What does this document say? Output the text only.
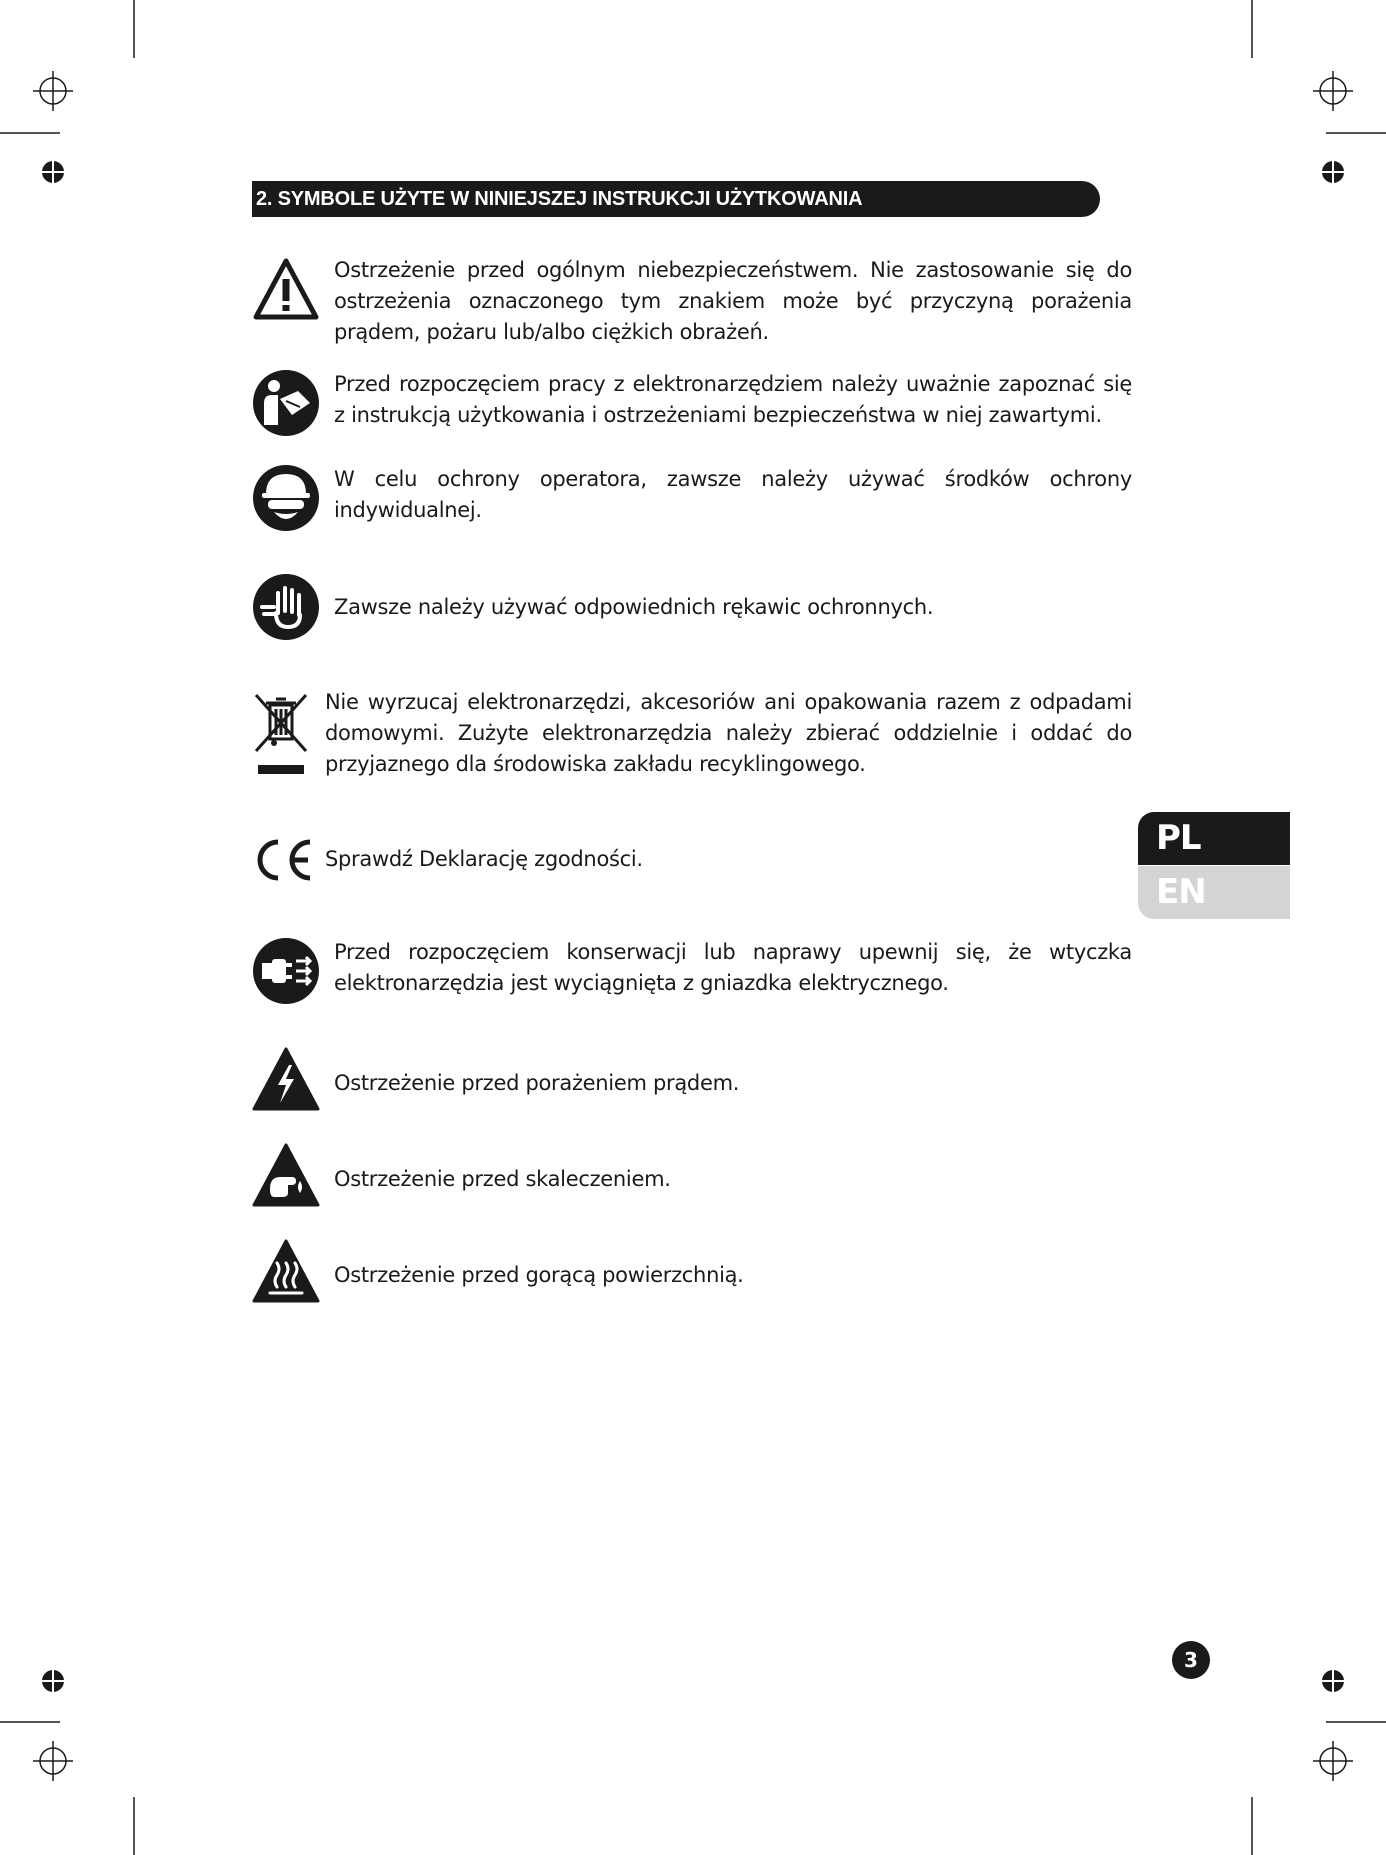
2. SYMBOLE UŻYTE W NINIEJSZEJ INSTRUKCJI UŻYTKOWANIA
Ostrzeżenie przed ogólnym niebezpieczeństwem. Nie zastosowanie się do ostrzeżenia oznaczonego tym znakiem może być przyczyną porażenia prądem, pożaru lub/albo ciężkich obrażeń.
Przed rozpoczęciem pracy z elektronarzędziem należy uważnie zapoznać się z instrukcją użytkowania i ostrzeżeniami bezpieczeństwa w niej zawartymi.
W celu ochrony operatora, zawsze należy używać środków ochrony indywidualnej.
Zawsze należy używać odpowiednich rękawic ochronnych.
Nie wyrzucaj elektronarzędzi, akcesoriów ani opakowania razem z odpadami domowymi. Zużyte elektronarzędzia należy zbierać oddzielnie i oddać do przyjaznego dla środowiska zakładu recyklingowego.
Sprawdź Deklarację zgodności.
Przed rozpoczęciem konserwacji lub naprawy upewnij się, że wtyczka elektronarzędzia jest wyciągnięta z gniazdka elektrycznego.
Ostrzeżenie przed porażeniem prądem.
Ostrzeżenie przed skaleczeniem.
Ostrzeżenie przed gorącą powierzchnią.
PL
EN
3
